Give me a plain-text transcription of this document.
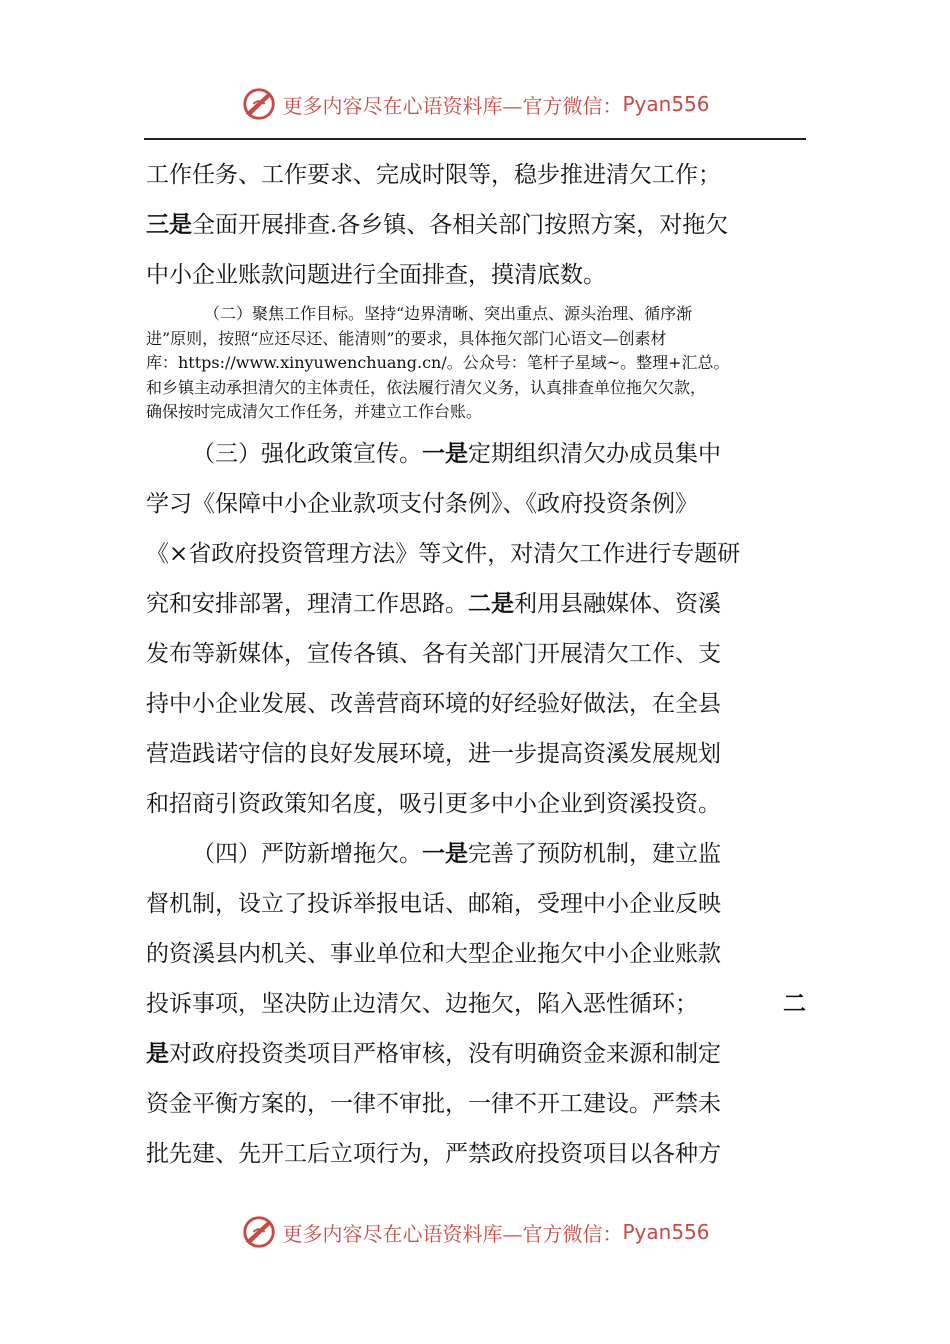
更多内容尽在心语资料库—官方微信： Pyan556
工作任务、工作要求、完成时限等，稳步推进清欠工作；
三是 全面开展排查.各乡镇、各相关部门按照方案，对拖欠
中小企业账款问题进行全面排查，摸清底数。
（二）聚焦工作目标。坚持“边界清晰、突出重点、源头治理、循序渐
进”原则，按照“应还尽还、能清则”的要求，具体拖欠部门心语文—创素材
库：https://www.xinyuwenchuang.cn/。公众号：笔杆子星域~。整理+汇总。
和乡镇主动承担清欠的主体责任，依法履行清欠义务，认真排查单位拖欠欠款，
确保按时完成清欠工作任务，并建立工作台账。
（三）强化政策宣传。 一是 定期组织清欠办成员集中
学习《保障中小企业款项支付条例》、《政府投资条例》
《×省政府投资管理方法》等文件，对清欠工作进行专题研
究和安排部署，理清工作思路。 二是 利用县融媒体、资溪
发布等新媒体，宣传各镇、各有关部门开展清欠工作、支
持中小企业发展、改善营商环境的好经验好做法，在全县
营造践诺守信的良好发展环境，进一步提高资溪发展规划
和招商引资政策知名度，吸引更多中小企业到资溪投资。
（四）严防新增拖欠。 一是 完善了预防机制，建立监
督机制，设立了投诉举报电话、邮箱，受理中小企业反映
的资溪县内机关、事业单位和大型企业拖欠中小企业账款
投诉事项，坚决防止边清欠、边拖欠，陷入恶性循环；	二
是 对政府投资类项目严格审核，没有明确资金来源和制定
资金平衡方案的，一律不审批，一律不开工建设。严禁未
批先建、先开工后立项行为，严禁政府投资项目以各种方
更多内容尽在心语资料库—官方微信： Pyan556
